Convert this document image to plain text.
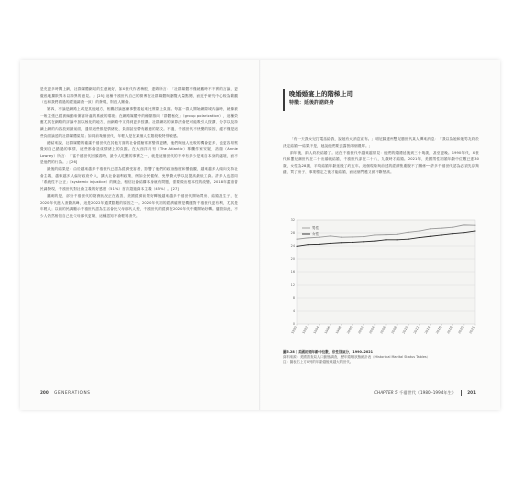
是充更多時間上網，社群媒體網站的生意就好，如X世代作者梅根．達姆所言：「社群媒體不僅就戴時不不實的言論，更徹底地擴散界未以持異的意見。」[25] 這種千禧世代自己的微博在社群媒體與瀏覽大量點閱，而近乎研究中心較為繁觀（也和我們看過的經過調查一致）的發現，則沒人關會。

第四，不論是網路上或是其他地方，相關討論逐漸事整看起來比實際上負面。每當一群人開始網際城內論時，就像被一般主張已經被煽動來傷害所處的系統的環境；在網路媒體中的種類推向「群體極化」（group polarization），這種效應尤其在網路的評論中加以極化的地方，而網路中又得到更多按讚。社群網站的演算法會把可能吸引人按讚、分享以及持續上網的內容放到最前面，通常這些都是情緒化、負面甚至帶有敵意的貼文。不過，千禧世代不快樂的原因，絕不僅是這些負面論述的社群媒體氣氛；如同前幾個世代，年輕人是在某個人生階段較特別敏感。

總結來說，社群媒體的確讓千禧世代在其他方面的社會經驗常常變得更糟，他們與他人比較的機會更多，也更容易察覺到自己錯過的事情，這些都會造成情緒上的負擔。在大西洋月刊（The Atlantic）專欄作家安妮．洛瑞（Annie Lowrey）所言：「當千禧世代回頭看時，最令人吃驚的事實之一，就是這個世代的不幸有多少是來自本身的處境，而不是他們的行為。」[26]

最後的結果是：由於越來越多千禧世代已認為經濟受害者，影響了他們的政治態度和價值觀，越來越多人傾向支持社會主義，越來越多人偏好政府介入，擴大社會福利政策，例如全民健保、免學費大學以及提高最低工資。許多人也認同「系統性不公正」（systemic injustice）的概念，相信社會結構本身就有問題，需要做出根本性的改變。2018年蓋洛普民調發現，千禧世代對社會主義的好感度（51%）首次超過資本主義（45%）。[27]

諷刺的是，部分千禧世代的財務狀況正在改善，美國經濟前景好轉後越來越多千禧世代開始買房、結婚及生子，在2020年代進入消費高峰，這是2022年通貨膨脹的原因之一。2020年代初的經濟確實是機運對千禧世代更有利，尤其是年輕人；以前的民調顯示千禧世代認為生活會比父母那代人差，千禧世代的經濟在2020年代中期開始好轉。儘管如此，不少人仍然相信自己比父母那代更窮，這種認知不會輕易消失。

200 GENERATIONS
晚婚婚宴上的階梯上司
特徵：延後許諾終身

「有一天我女兒打電話給我，說她有大消息宣布。」明尼蘇達州雙足鵝世代某人傳來消息：「我以為她和她男友終於決定結婚──結果不是，她說他們要去露營兩個禮拜。」

兩年後，兩人終於結婚了。這在千禧世代中越來越常見：他們的婚禮延後到三十幾歲，甚至更晚。1990年代，X世代和嬰兒潮世代在二十出頭就結婚，千禧世代卻在二十八、九歲時才結婚。2021年，美國男性初婚年齡中位數已達30歲，女性為28歲，平均結婚年齡延後了約五年。這個現象與前述的經濟焦慮脫不了關係──許多千禧世代認為必須先存夠錢、買了房子、事業穩定之後才能結婚，而這個門檻又被不斷墊高。

0
4
8
12
16
20
24
28
32
1990 1992 1994 1996 1998 2000 2002 2004 2006 2008 2010 2012 2014 2016 2018 2020 2021
男性
女性
圖5.28｜美國初婚年齡中位數，依性別區分，1990–2021
資料來源：美國普查局人口動態調查，歷年婚姻狀態統計表（Historical Marital Status Tables）
注：圖表右上方X列的年齡越後來越大的世代。
CHAPTER 5 千禧世代（1980–1994年生）	201
